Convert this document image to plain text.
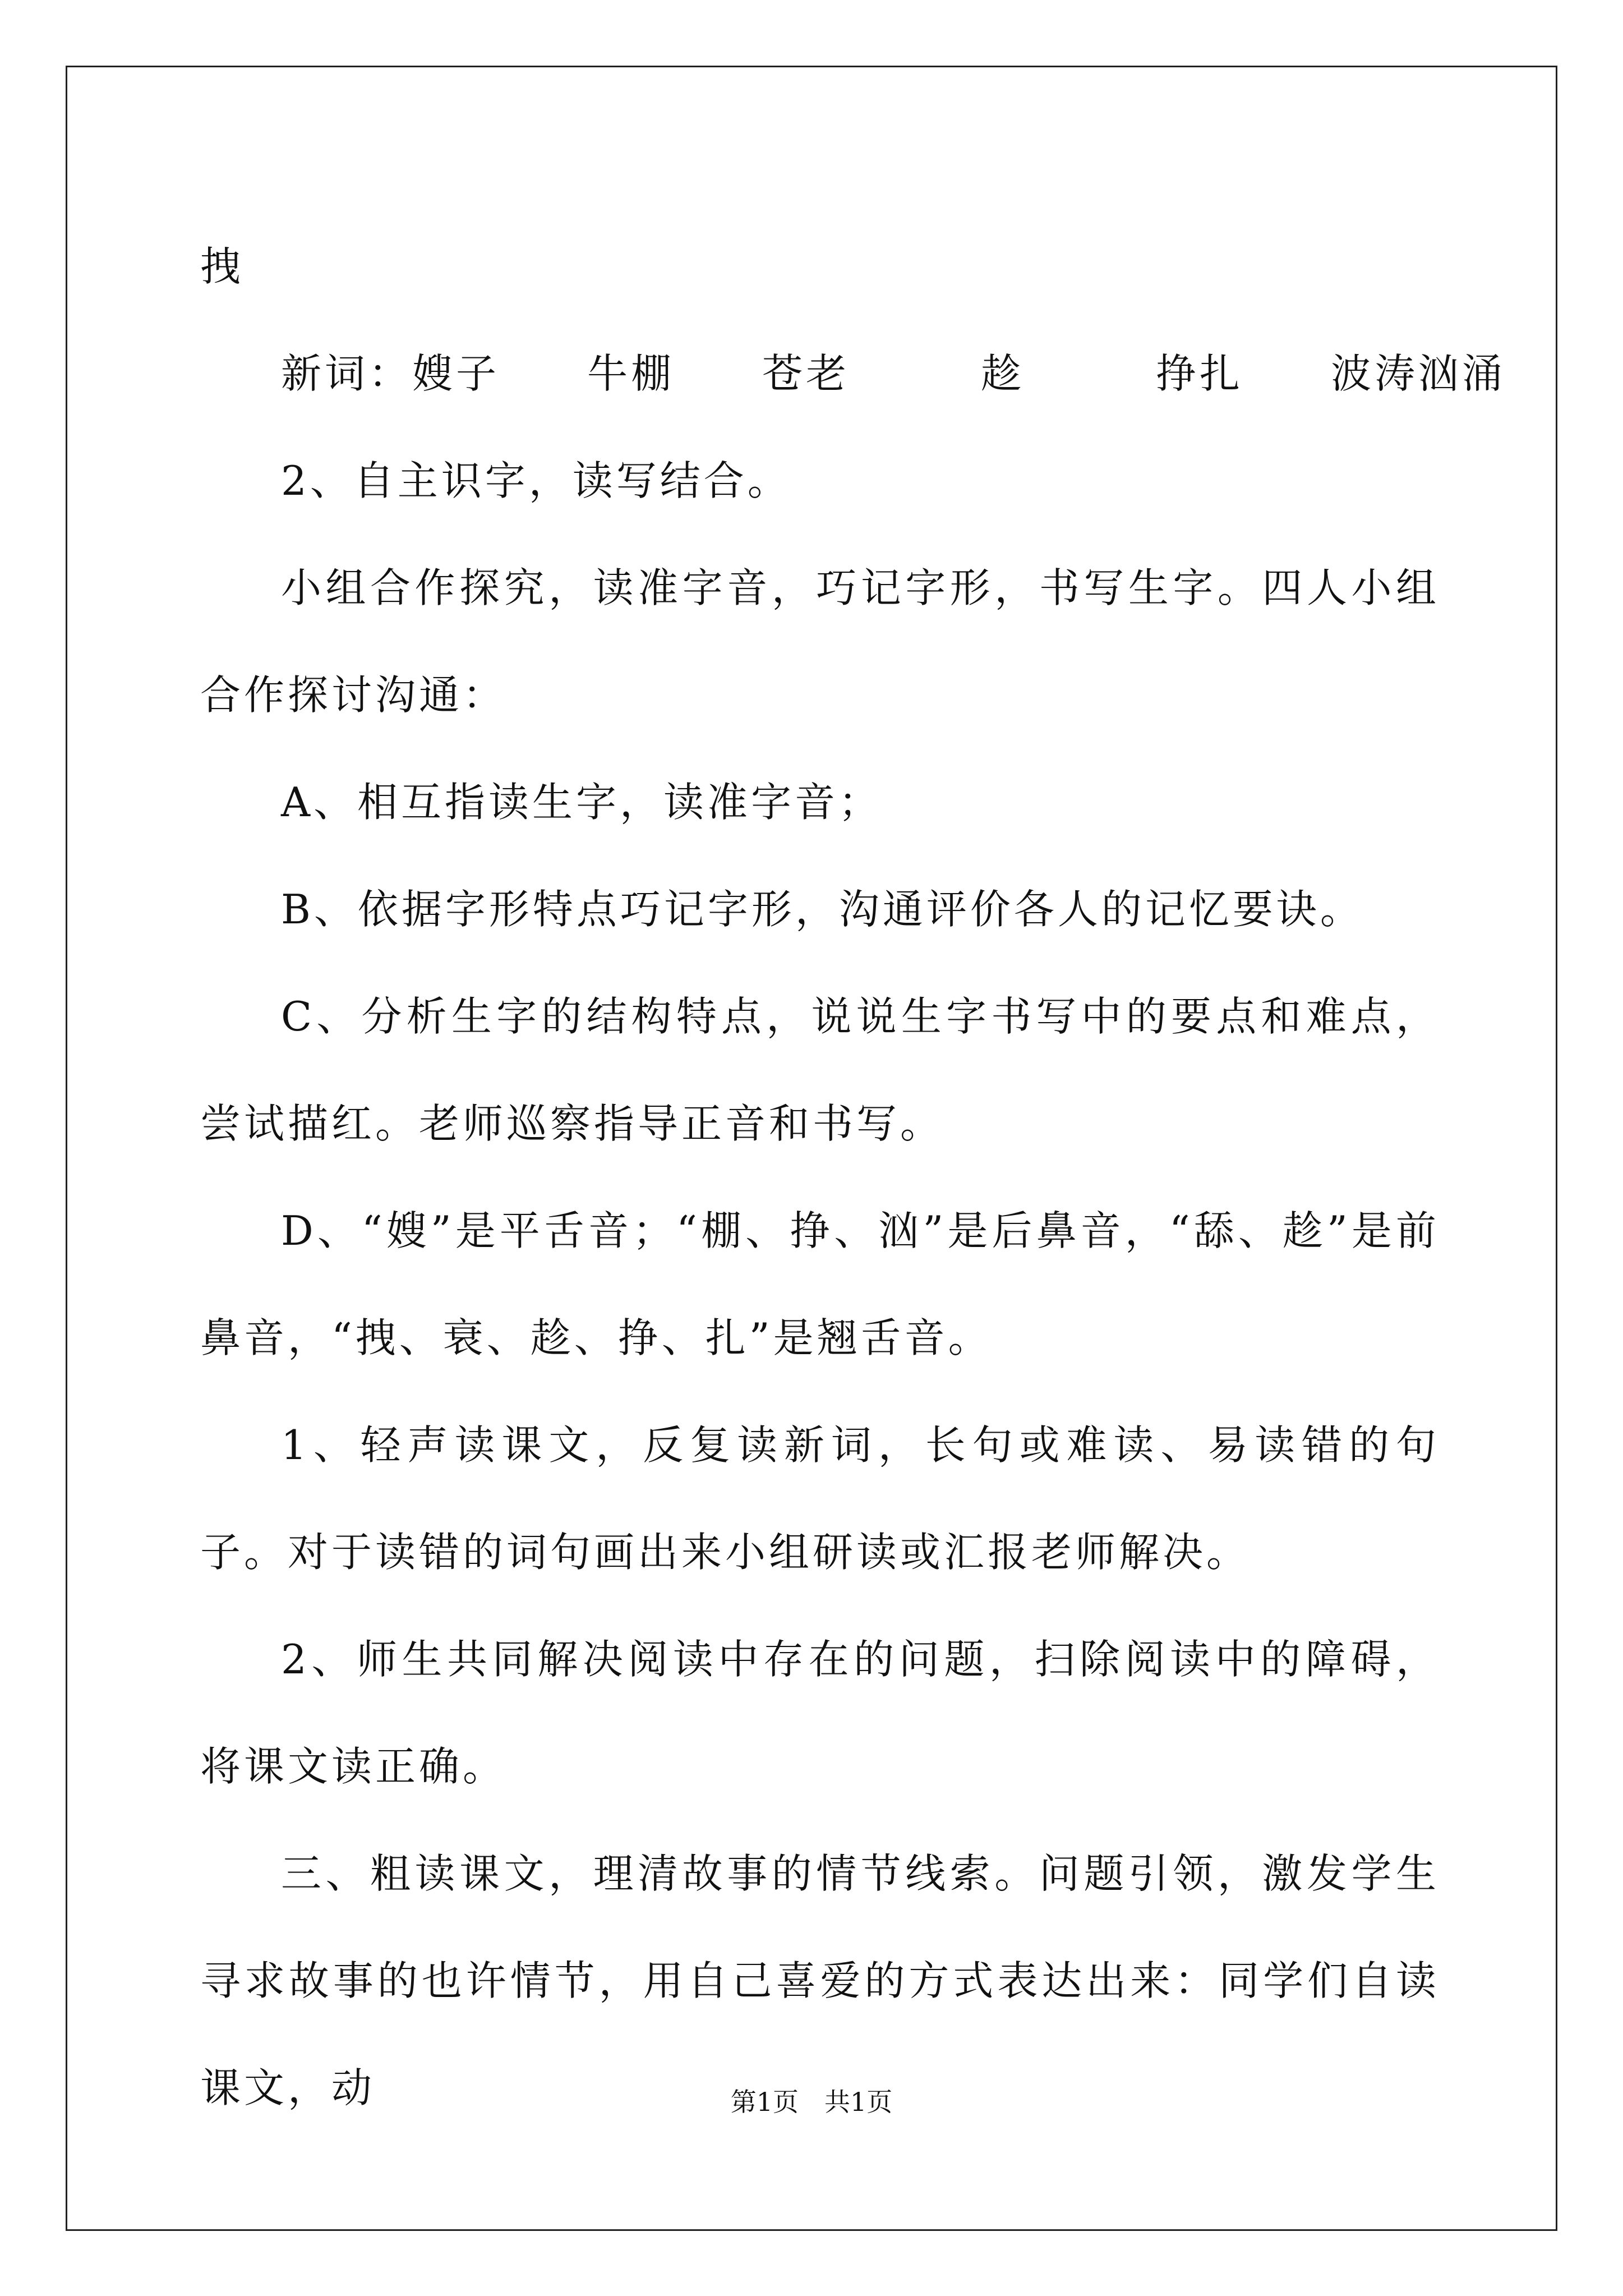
拽

新词：嫂子　　牛棚　　苍老　　　趁　　　挣扎　　波涛汹涌

2、自主识字，读写结合。

小组合作探究，读准字音，巧记字形，书写生字。四人小组合作探讨沟通：

A、相互指读生字，读准字音；

B、依据字形特点巧记字形，沟通评价各人的记忆要诀。

C、分析生字的结构特点，说说生字书写中的要点和难点，尝试描红。老师巡察指导正音和书写。

D、“嫂”是平舌音；“棚、挣、汹”是后鼻音，“舔、趁”是前鼻音，“拽、衰、趁、挣、扎”是翘舌音。

1、轻声读课文，反复读新词，长句或难读、易读错的句子。对于读错的词句画出来小组研读或汇报老师解决。

2、师生共同解决阅读中存在的问题，扫除阅读中的障碍，将课文读正确。

三、粗读课文，理清故事的情节线索。问题引领，激发学生寻求故事的也许情节，用自己喜爱的方式表达出来：同学们自读课文，动	第1页　共1页
